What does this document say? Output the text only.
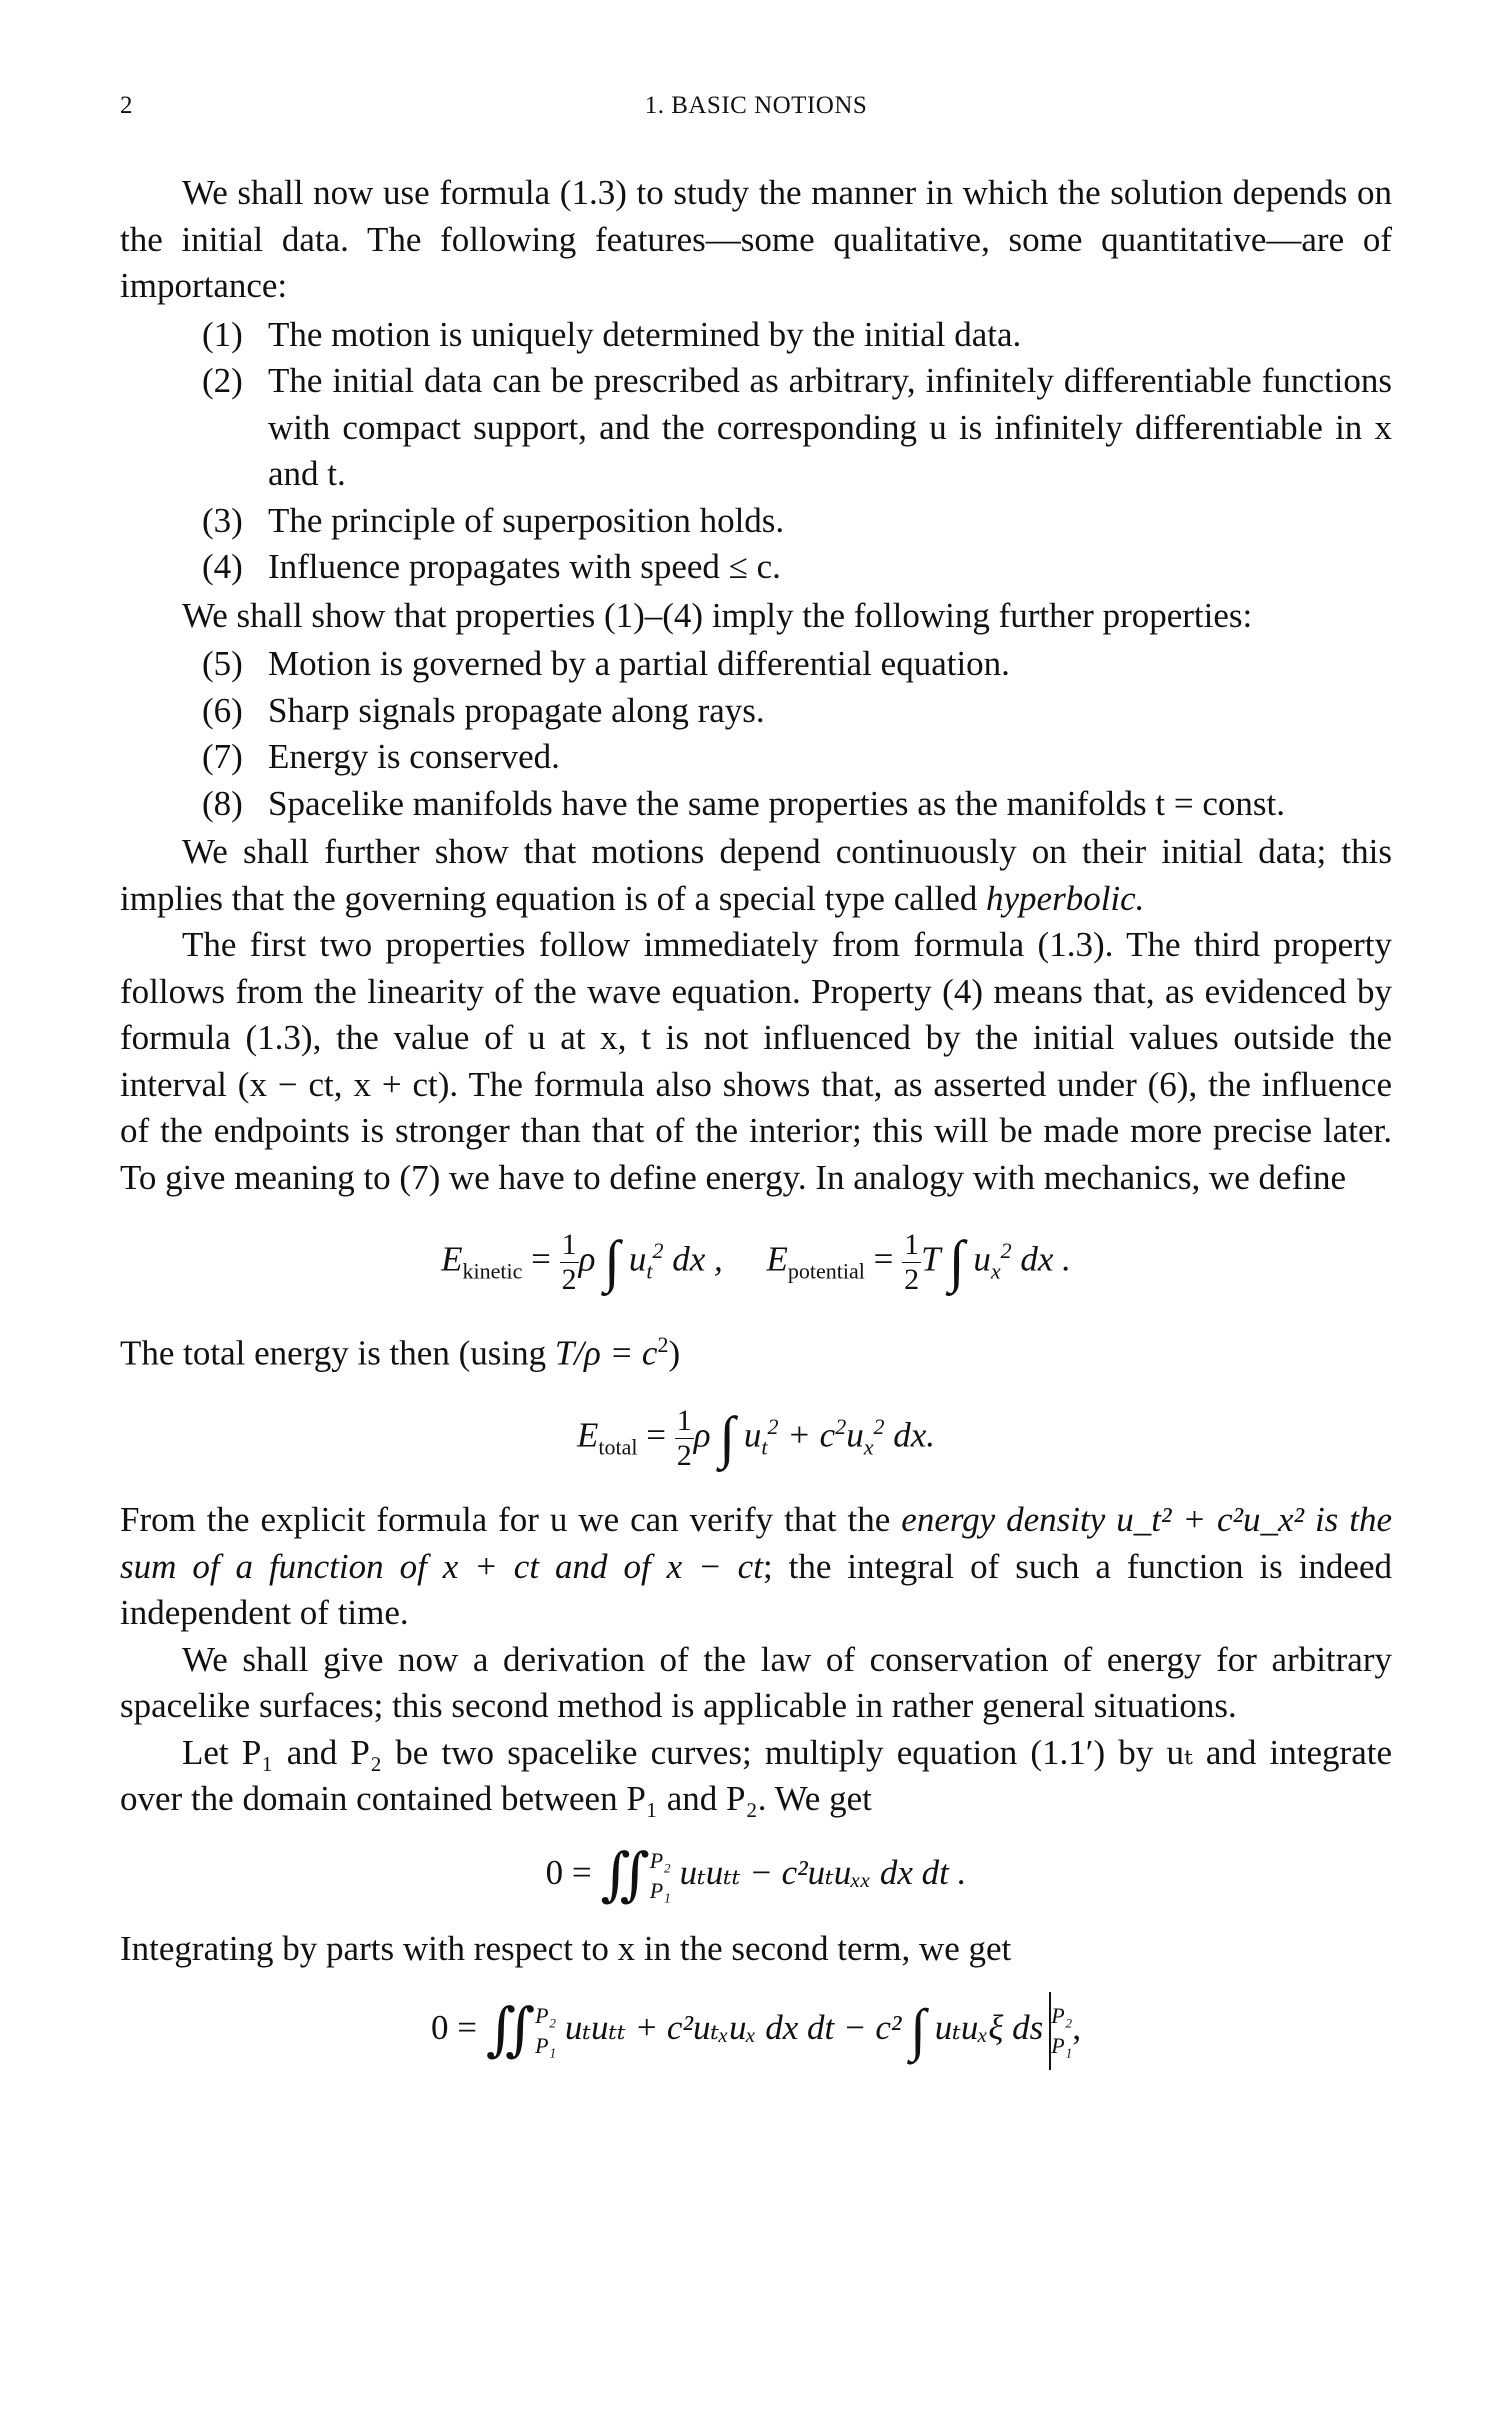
2	1. BASIC NOTIONS

We shall now use formula (1.3) to study the manner in which the solution depends on the initial data. The following features—some qualitative, some quantitative—are of importance:

(1) The motion is uniquely determined by the initial data.
(2) The initial data can be prescribed as arbitrary, infinitely differentiable functions with compact support, and the corresponding u is infinitely differentiable in x and t.
(3) The principle of superposition holds.
(4) Influence propagates with speed ≤ c.

We shall show that properties (1)–(4) imply the following further properties:

(5) Motion is governed by a partial differential equation.
(6) Sharp signals propagate along rays.
(7) Energy is conserved.
(8) Spacelike manifolds have the same properties as the manifolds t = const.

We shall further show that motions depend continuously on their initial data; this implies that the governing equation is of a special type called hyperbolic.

The first two properties follow immediately from formula (1.3). The third property follows from the linearity of the wave equation. Property (4) means that, as evidenced by formula (1.3), the value of u at x, t is not influenced by the initial values outside the interval (x − ct, x + ct). The formula also shows that, as asserted under (6), the influence of the endpoints is stronger than that of the interior; this will be made more precise later. To give meaning to (7) we have to define energy. In analogy with mechanics, we define

$E_{kinetic} = \frac{1}{2}$ ρ ∫ $u_t^2$ dx , $E_{potential} = \frac{1}{2}$ T ∫ $u_x^2$ dx .

The total energy is then (using $T/\rho = c^2$)

$E_{total} = \frac{1}{2}$ ρ ∫ $u_t^2 + c^2u_x^2$ dx.

From the explicit formula for u we can verify that the energy density u_t² + c²u_x² is the sum of a function of x + ct and of x − ct; the integral of such a function is indeed independent of time.

We shall give now a derivation of the law of conservation of energy for arbitrary spacelike surfaces; this second method is applicable in rather general situations.

Let P₁ and P₂ be two spacelike curves; multiply equation (1.1′) by uₜ and integrate over the domain contained between P₁ and P₂. We get

0 = ∬ P₂
P₁ uₜuₜₜ − c²uₜuₓₓ dx dt .

Integrating by parts with respect to x in the second term, we get

0 = ∬ P₂
P₁ uₜuₜₜ + c²uₜₓuₓ dx dt − c² ∫ uₜuₓξ ds P₂
P₁ ,
